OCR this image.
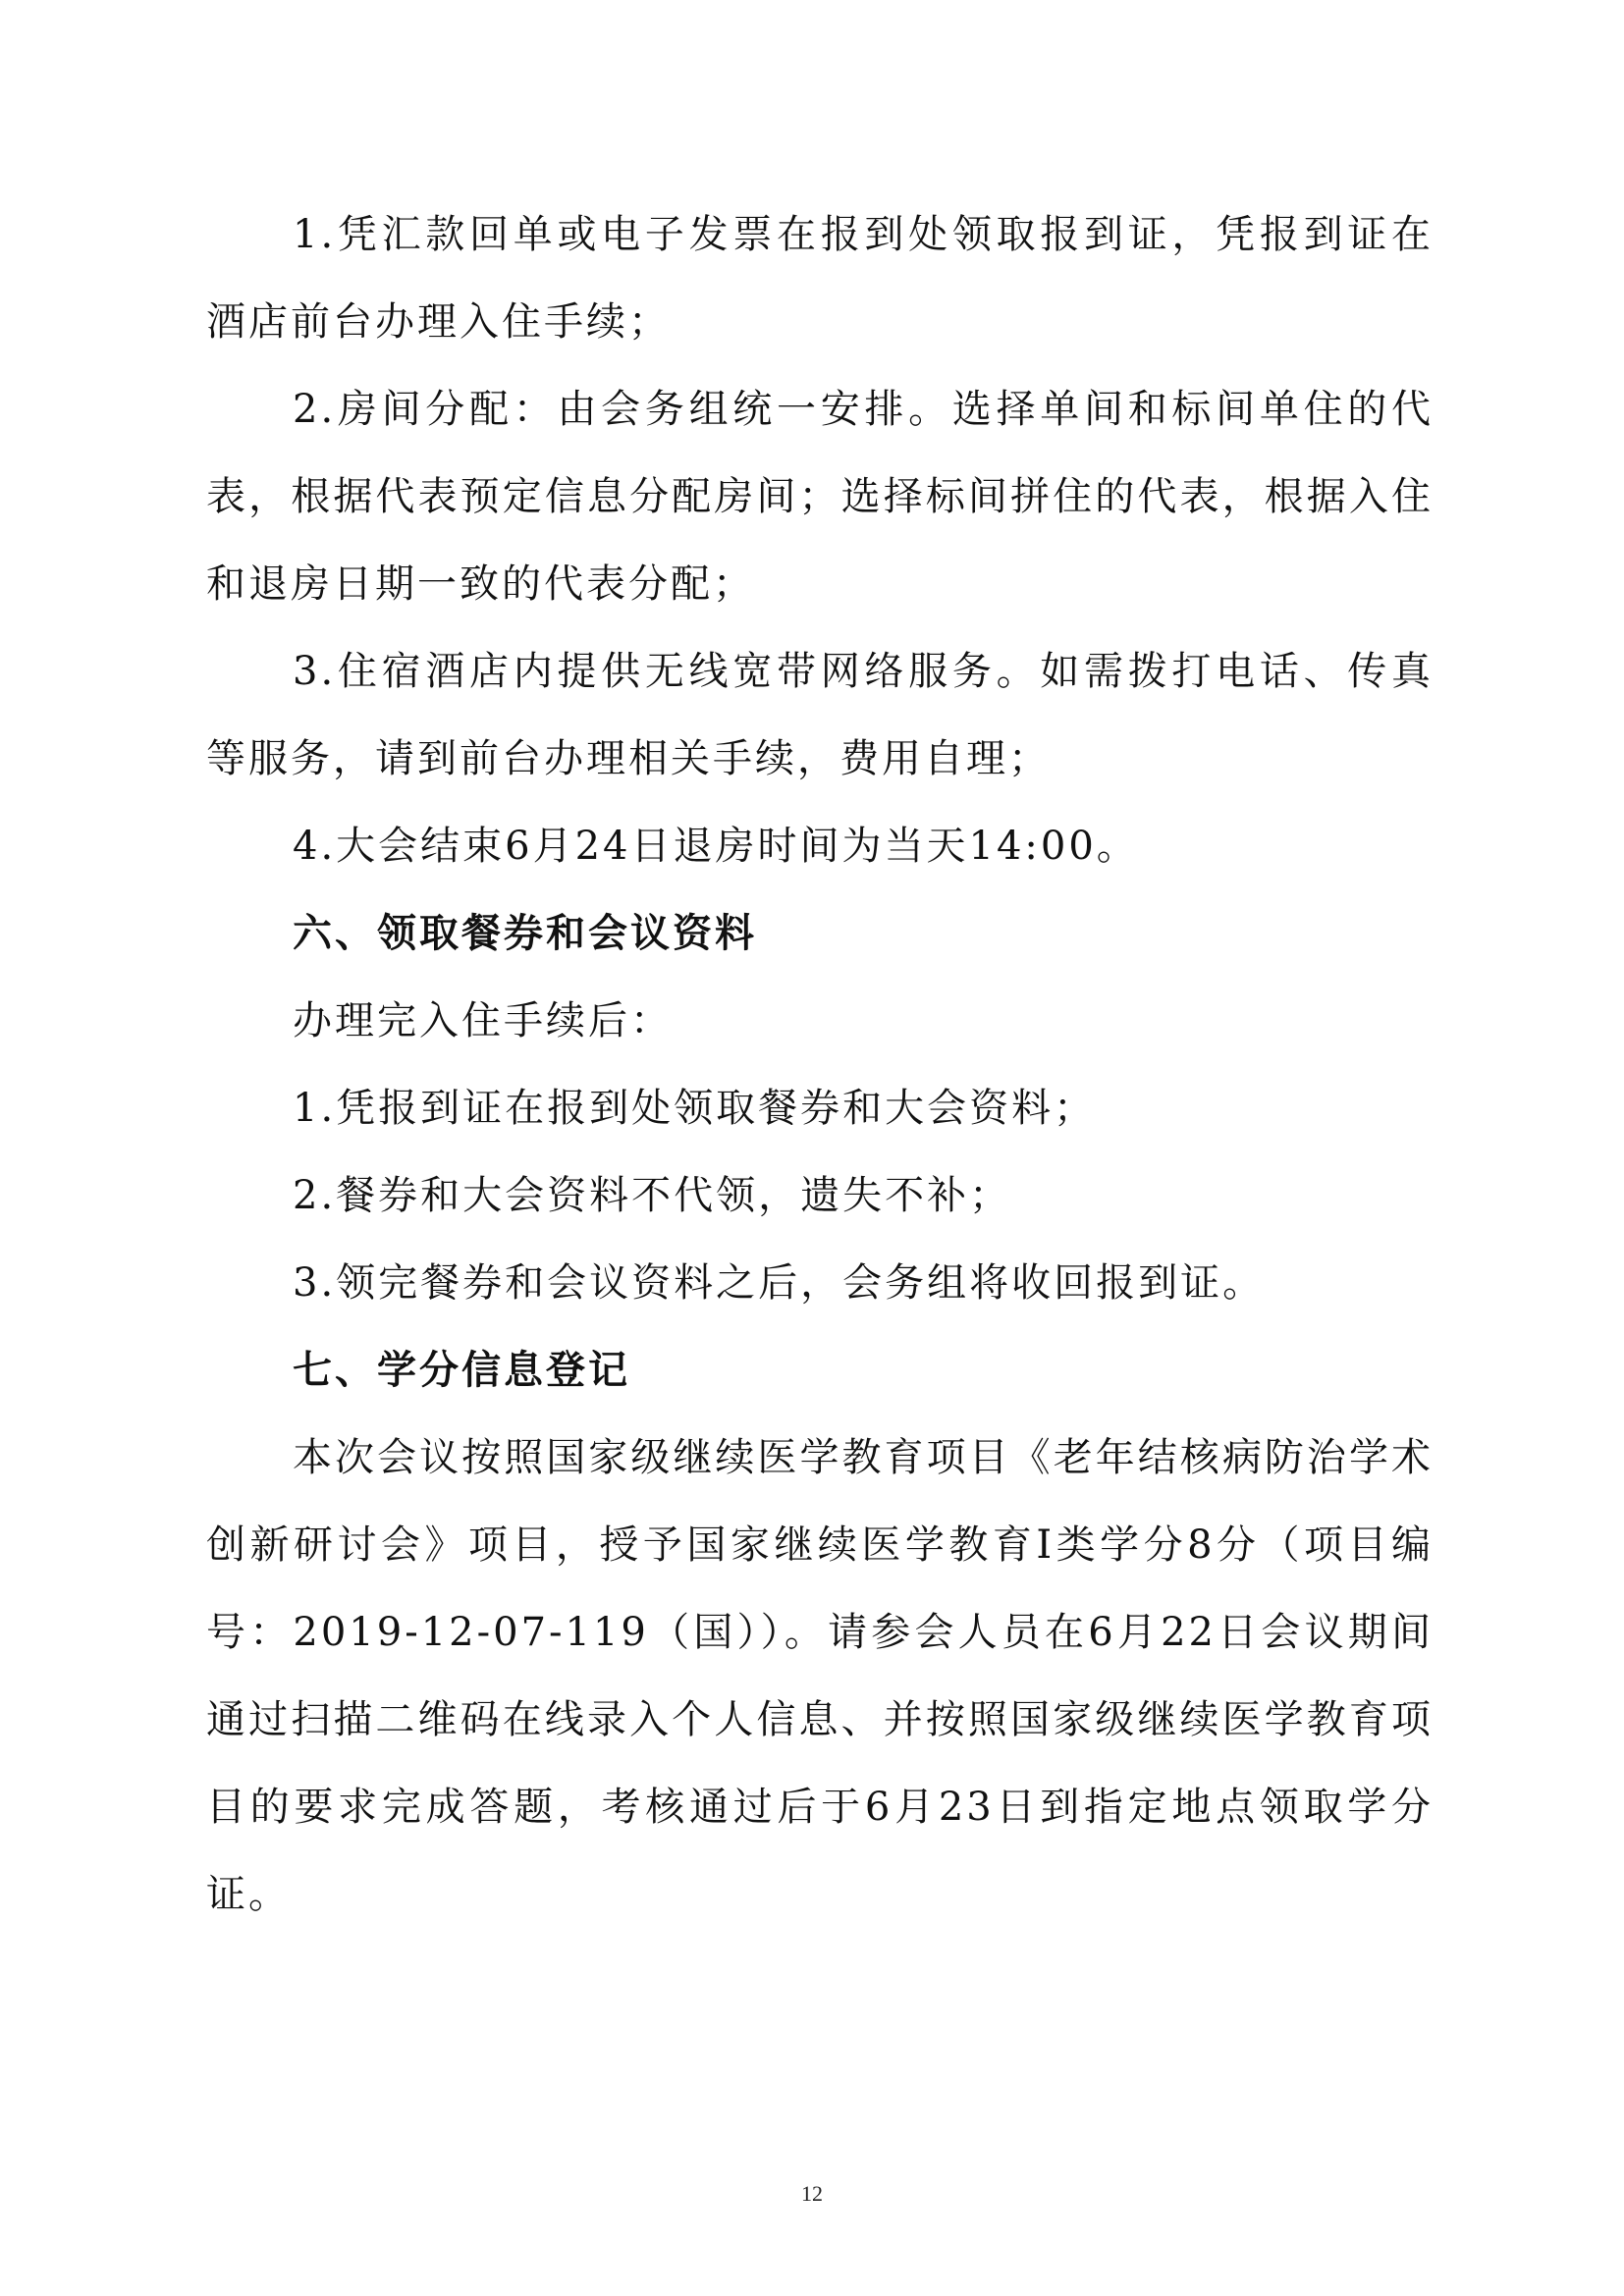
1.凭汇款回单或电子发票在报到处领取报到证，凭报到证在酒店前台办理入住手续；

2.房间分配：由会务组统一安排。选择单间和标间单住的代表，根据代表预定信息分配房间；选择标间拼住的代表，根据入住和退房日期一致的代表分配；

3.住宿酒店内提供无线宽带网络服务。如需拨打电话、传真等服务，请到前台办理相关手续，费用自理；

4.大会结束6月24日退房时间为当天14:00。

六、领取餐券和会议资料

办理完入住手续后：

1.凭报到证在报到处领取餐券和大会资料；

2.餐券和大会资料不代领，遗失不补；

3.领完餐券和会议资料之后，会务组将收回报到证。

七、学分信息登记

本次会议按照国家级继续医学教育项目《老年结核病防治学术创新研讨会》项目，授予国家继续医学教育Ⅰ类学分8分（项目编号：2019-12-07-119（国））。请参会人员在6月22日会议期间通过扫描二维码在线录入个人信息、并按照国家级继续医学教育项目的要求完成答题，考核通过后于6月23日到指定地点领取学分证。

12
